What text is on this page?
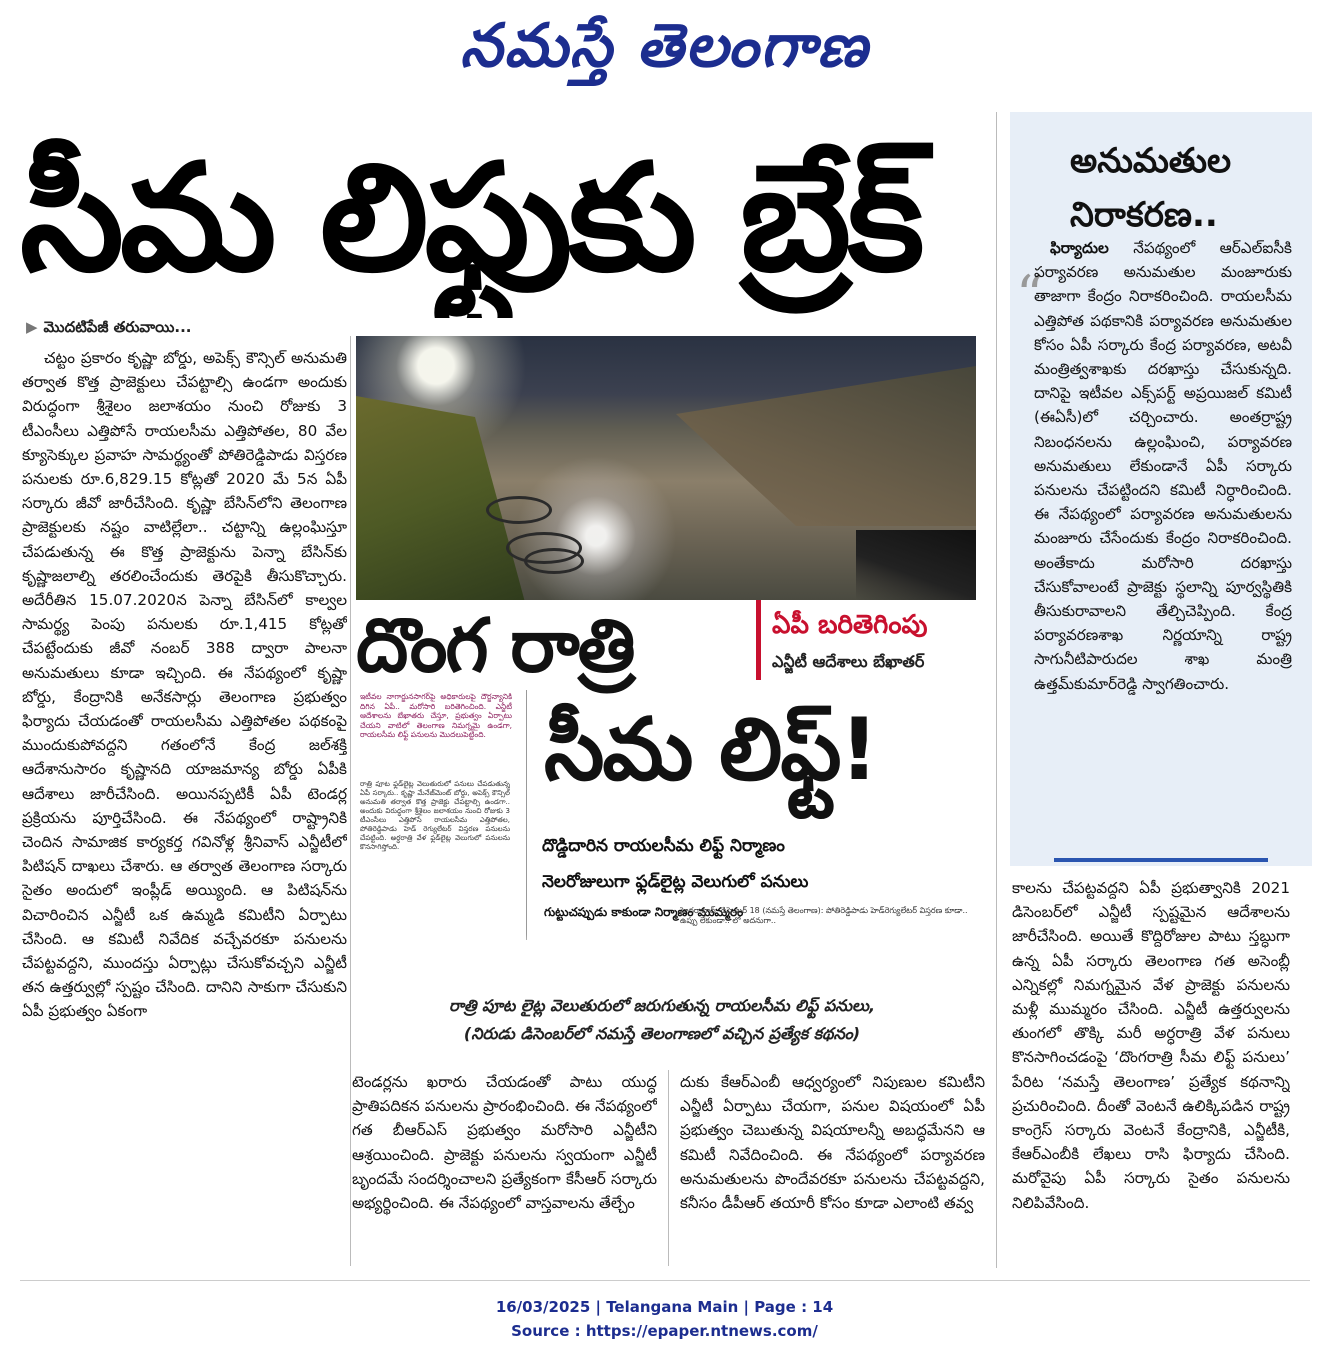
నమస్తే తెలంగాణ
సీమ లిఫ్టుకు బ్రేక్
▶ మొదటిపేజీ తరువాయి...

చట్టం ప్రకారం కృష్ణా బోర్డు, అపెక్స్ కౌన్సిల్ అనుమతి తర్వాత కొత్త ప్రాజెక్టులు చేపట్టాల్సి ఉండగా అందుకు విరుద్ధంగా శ్రీశైలం జలాశయం నుంచి రోజుకు 3 టీఎంసీలు ఎత్తిపోసే రాయలసీమ ఎత్తిపోతల, 80 వేల క్యూసెక్కుల ప్రవాహ సామర్థ్యంతో పోతిరెడ్డిపాడు విస్తరణ పనులకు రూ.6,829.15 కోట్లతో 2020 మే 5న ఏపీ సర్కారు జీవో జారీచేసింది. కృష్ణా బేసిన్‌లోని తెలంగాణ ప్రాజెక్టులకు నష్టం వాటిల్లేలా.. చట్టాన్ని ఉల్లంఘిస్తూ చేపడుతున్న ఈ కొత్త ప్రాజెక్టును పెన్నా బేసిన్‌కు కృష్ణాజలాల్ని తరలించేందుకు తెరపైకి తీసుకొచ్చారు. అదేరీతిన 15.07.2020న పెన్నా బేసిన్‌లో కాల్వల సామర్థ్య పెంపు పనులకు రూ.1,415 కోట్లతో చేపట్టేందుకు జీవో నంబర్ 388 ద్వారా పాలనా అనుమతులు కూడా ఇచ్చింది. ఈ నేపథ్యంలో కృష్ణా బోర్డు, కేంద్రానికి అనేకసార్లు తెలంగాణ ప్రభుత్వం ఫిర్యాదు చేయడంతో రాయలసీమ ఎత్తిపోతల పథకంపై ముందుకుపోవద్దని గతంలోనే కేంద్ర జల్‌శక్తి ఆదేశానుసారం కృష్ణానది యాజమాన్య బోర్డు ఏపీకి ఆదేశాలు జారీచేసింది. అయినప్పటికీ ఏపీ టెండర్ల ప్రక్రియను పూర్తిచేసింది. ఈ నేపథ్యంలో రాష్ట్రానికి చెందిన సామాజిక కార్యకర్త గవినోళ్ల శ్రీనివాస్ ఎన్జీటీలో పిటిషన్ దాఖలు చేశారు. ఆ తర్వాత తెలంగాణ సర్కారు సైతం అందులో ఇంప్లీడ్ అయ్యింది. ఆ పిటిషన్‌ను విచారించిన ఎన్జీటీ ఒక ఉమ్మడి కమిటీని ఏర్పాటు చేసింది. ఆ కమిటీ నివేదిక వచ్చేవరకూ పనులను చేపట్టవద్దని, ముందస్తు ఏర్పాట్లు చేసుకోవచ్చని ఎన్జీటీ తన ఉత్తర్వుల్లో స్పష్టం చేసింది. దానిని సాకుగా చేసుకుని ఏపీ ప్రభుత్వం ఏకంగా

ఏపీ బరితెగింపు
ఎన్జీటీ ఆదేశాలు బేఖాతర్
దొంగ రాత్రి
సీమ లిఫ్ట్!
ఇటీవల నాగార్జునసాగర్‌పై అధికారులపై దౌర్జన్యానికి దిగిన ఏపీ.. మరోసారి బరితెగించింది. ఎన్జీటీ ఆదేశాలను బేఖాతరు చేస్తూ, ప్రభుత్వం ఏర్పాటు చేయని వాటిలో తెలంగాణ నిమగ్నమై ఉండగా, రాయలసీమ లిఫ్ట్ పనులను మొదలుపెట్టింది.
రాత్రి పూట ఫ్లడ్‌లైట్ల వెలుతురులో పనులు చేపడుతున్న ఏపీ సర్కారు.. కృష్ణా మేనేజ్‌మెంట్ బోర్డు, అపెక్స్ కౌన్సిల్ అనుమతి తర్వాత కొత్త ప్రాజెక్టు చేపట్టాల్సి ఉండగా.. అందుకు విరుద్ధంగా శ్రీశైలం జలాశయం నుంచి రోజుకు 3 టీఎంసీలు ఎత్తిపోసే రాయలసీమ ఎత్తిపోతల, పోతిరెడ్డిపాడు హెడ్ రెగ్యులేటర్ విస్తరణ పనులను చేపట్టింది. అర్ధరాత్రి వేళ ఫ్లడ్‌లైట్ల వెలుగులో పనులను కొనసాగిస్తోంది.	దొడ్డిదారిన రాయలసీమ లిఫ్ట్ నిర్మాణం
నెలరోజులుగా ఫ్లడ్‌లైట్ల వెలుగులో పనులు
గుట్టుచప్పుడు కాకుండా నిర్మాణం ముమ్మరం
హైదరాబాద్, డిసెంబర్ 18 (నమస్తే తెలంగాణ): పోతిరెడ్డిపాడు హెడ్‌రెగ్యులేటర్ విస్తరణ కూడా.. ఉప్పు లేకుండా.. లో అదనుగా..
రాత్రి పూట లైట్ల వెలుతురులో జరుగుతున్న రాయలసీమ లిఫ్ట్ పనులు,
(నిరుడు డిసెంబర్‌లో నమస్తే తెలంగాణలో వచ్చిన ప్రత్యేక కథనం)

టెండర్లను ఖరారు చేయడంతో పాటు యుద్ధ ప్రాతిపదికన పనులను ప్రారంభించింది. ఈ నేపథ్యంలో గత బీఆర్‌ఎస్ ప్రభుత్వం మరోసారి ఎన్జీటీని ఆశ్రయించింది. ప్రాజెక్టు పనులను స్వయంగా ఎన్జీటీ బృందమే సందర్శించాలని ప్రత్యేకంగా కేసీఆర్ సర్కారు అభ్యర్థించింది. ఈ నేపథ్యంలో వాస్తవాలను తేల్చేం

దుకు కేఆర్ఎంబీ ఆధ్వర్యంలో నిపుణుల కమిటీని ఎన్జీటీ ఏర్పాటు చేయగా, పనుల విషయంలో ఏపీ ప్రభుత్వం చెబుతున్న విషయాలన్నీ అబద్ధమేనని ఆ కమిటీ నివేదించింది. ఈ నేపథ్యంలో పర్యావరణ అనుమతులను పొందేవరకూ పనులను చేపట్టవద్దని, కనీసం డీపీఆర్ తయారీ కోసం కూడా ఎలాంటి తవ్వ

“
అనుమతుల
నిరాకరణ..

ఫిర్యాదుల నేపథ్యంలో ఆర్ఎల్ఐసీకి పర్యావరణ అనుమతుల మంజూరుకు తాజాగా కేంద్రం నిరాకరించింది. రాయలసీమ ఎత్తిపోత పథకానికి పర్యావరణ అనుమతుల కోసం ఏపీ సర్కారు కేంద్ర పర్యావరణ, అటవీ మంత్రిత్వశాఖకు దరఖాస్తు చేసుకున్నది. దానిపై ఇటీవల ఎక్స్‌పర్ట్ అప్రయిజల్ కమిటీ (ఈఏసీ)లో చర్చించారు. అంతర్రాష్ట్ర నిబంధనలను ఉల్లంఘించి, పర్యావరణ అనుమతులు లేకుండానే ఏపీ సర్కారు పనులను చేపట్టిందని కమిటీ నిర్ధారించింది. ఈ నేపథ్యంలో పర్యావరణ అనుమతులను మంజూరు చేసేందుకు కేంద్రం నిరాకరించింది. అంతేకాదు మరోసారి దరఖాస్తు చేసుకోవాలంటే ప్రాజెక్టు స్థలాన్ని పూర్వస్థితికి తీసుకురావాలని తేల్చిచెప్పింది. కేంద్ర పర్యావరణశాఖ నిర్ణయాన్ని రాష్ట్ర సాగునీటిపారుదల శాఖ మంత్రి ఉత్తమ్‌కుమార్‌రెడ్డి స్వాగతించారు.

కాలను చేపట్టవద్దని ఏపీ ప్రభుత్వానికి 2021 డిసెంబర్‌లో ఎన్జీటీ స్పష్టమైన ఆదేశాలను జారీచేసింది. అయితే కొద్దిరోజుల పాటు స్తబ్ధుగా ఉన్న ఏపీ సర్కారు తెలంగాణ గత అసెంబ్లీ ఎన్నికల్లో నిమగ్నమైన వేళ ప్రాజెక్టు పనులను మళ్లీ ముమ్మరం చేసింది. ఎన్జీటీ ఉత్తర్వులను తుంగలో తొక్కి మరీ అర్ధరాత్రి వేళ పనులు కొనసాగించడంపై ‘దొంగరాత్రి సీమ లిఫ్ట్ పనులు’ పేరిట ‘నమస్తే తెలంగాణ’ ప్రత్యేక కథనాన్ని ప్రచురించింది. దీంతో వెంటనే ఉలిక్కిపడిన రాష్ట్ర కాంగ్రెస్ సర్కారు వెంటనే కేంద్రానికి, ఎన్జీటీకి, కేఆర్ఎంబీకి లేఖలు రాసి ఫిర్యాదు చేసింది. మరోవైపు ఏపీ సర్కారు సైతం పనులను నిలిపివేసింది.

16/03/2025 | Telangana Main | Page : 14
Source : https://epaper.ntnews.com/
